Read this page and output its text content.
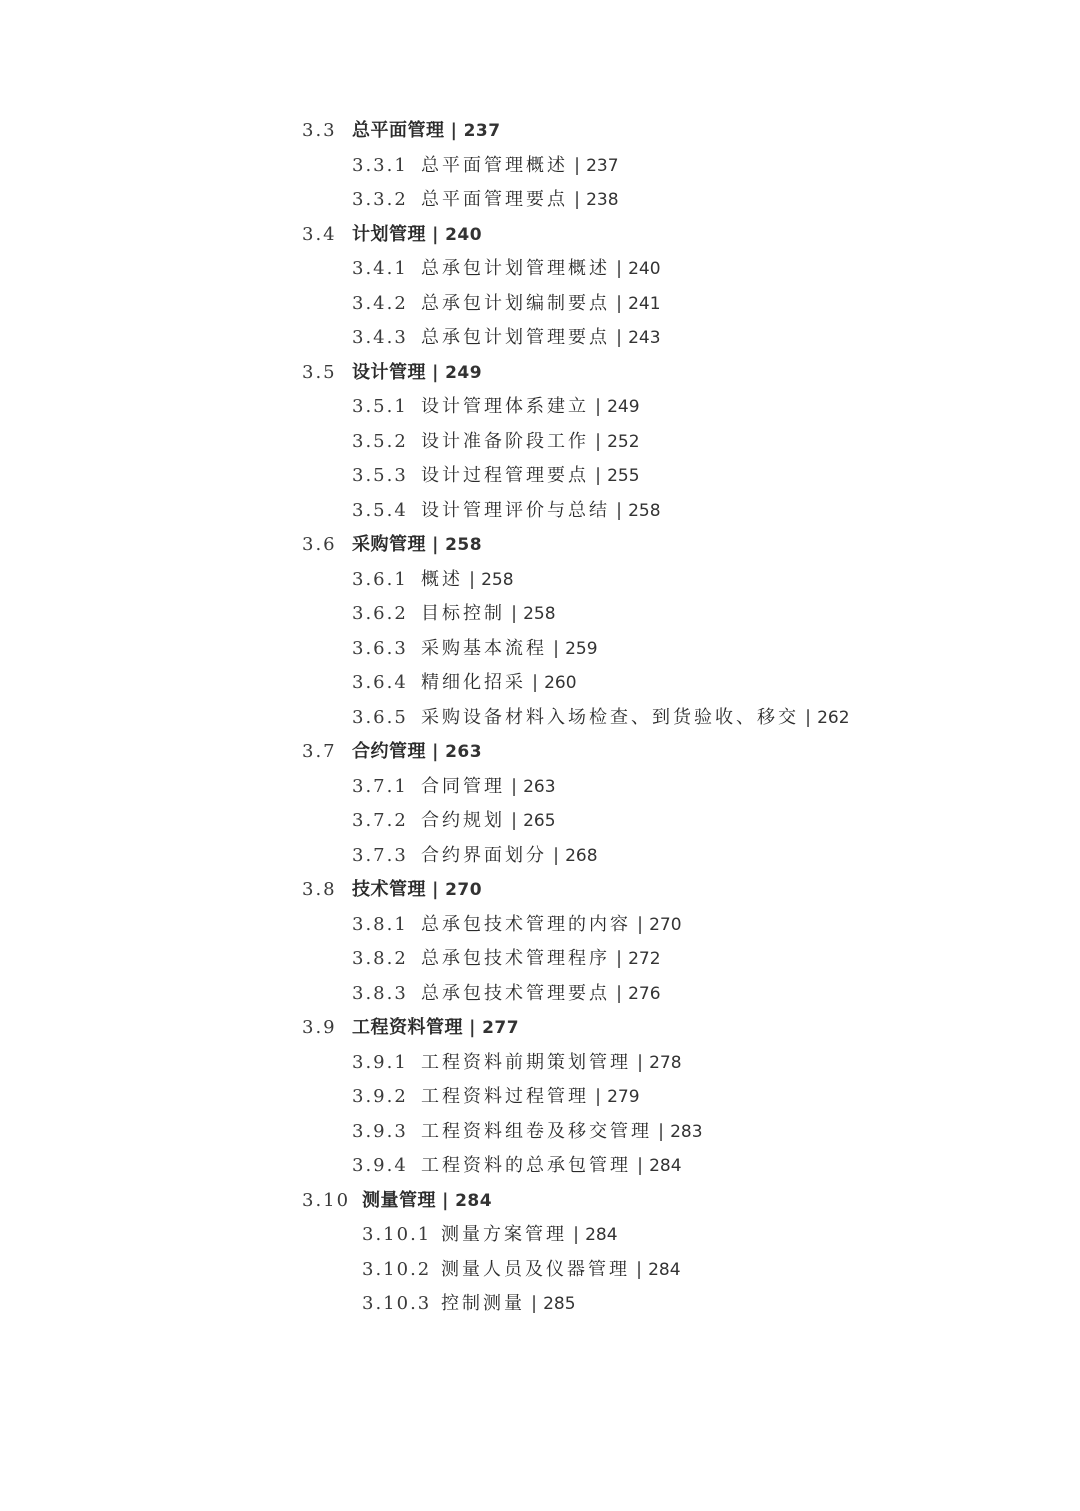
3.3 总平面管理 | 237
3.3.1 总平面管理概述 | 237
3.3.2 总平面管理要点 | 238
3.4 计划管理 | 240
3.4.1 总承包计划管理概述 | 240
3.4.2 总承包计划编制要点 | 241
3.4.3 总承包计划管理要点 | 243
3.5 设计管理 | 249
3.5.1 设计管理体系建立 | 249
3.5.2 设计准备阶段工作 | 252
3.5.3 设计过程管理要点 | 255
3.5.4 设计管理评价与总结 | 258
3.6 采购管理 | 258
3.6.1 概述 | 258
3.6.2 目标控制 | 258
3.6.3 采购基本流程 | 259
3.6.4 精细化招采 | 260
3.6.5 采购设备材料入场检查、到货验收、移交 | 262
3.7 合约管理 | 263
3.7.1 合同管理 | 263
3.7.2 合约规划 | 265
3.7.3 合约界面划分 | 268
3.8 技术管理 | 270
3.8.1 总承包技术管理的内容 | 270
3.8.2 总承包技术管理程序 | 272
3.8.3 总承包技术管理要点 | 276
3.9 工程资料管理 | 277
3.9.1 工程资料前期策划管理 | 278
3.9.2 工程资料过程管理 | 279
3.9.3 工程资料组卷及移交管理 | 283
3.9.4 工程资料的总承包管理 | 284
3.10 测量管理 | 284
3.10.1 测量方案管理 | 284
3.10.2 测量人员及仪器管理 | 284
3.10.3 控制测量 | 285
